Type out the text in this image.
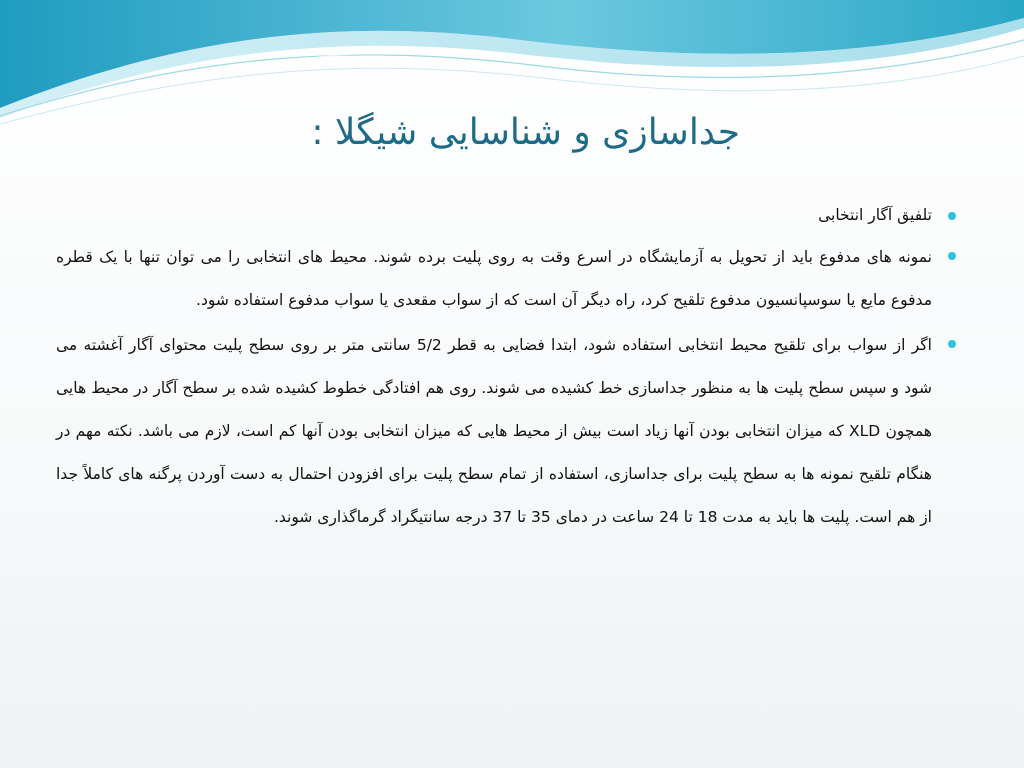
جداسازی و شناسایی شیگلا :
تلفیق آگار انتخابی
نمونه های مدفوع باید از تحویل به آزمایشگاه در اسرع وقت به روی پلیت برده شوند. محیط های انتخابی را می توان تنها با یک قطره مدفوع مایع یا سوسپانسیون مدفوع تلقیح کرد، راه دیگر آن است که از سواب مقعدی یا سواب مدفوع استفاده شود.
اگر از سواب برای تلقیح محیط انتخابی استفاده شود، ابتدا فضایی به قطر 5/2 سانتی متر بر روی سطح پلیت محتوای آگار آغشته می شود و سپس سطح پلیت ها به منظور جداسازی خط کشیده می شوند. روی هم افتادگی خطوط کشیده شده بر سطح آگار در محیط هایی همچون XLD که میزان انتخابی بودن آنها زیاد است بیش از محیط هایی که میزان انتخابی بودن آنها کم است، لازم می باشد. نکته مهم در هنگام تلقیح نمونه ها به سطح پلیت برای جداسازی، استفاده از تمام سطح پلیت برای افزودن احتمال به دست آوردن پرگنه های کاملاً جدا از هم است. پلیت ها باید به مدت 18 تا 24 ساعت در دمای 35 تا 37 درجه سانتیگراد گرماگذاری شوند.
